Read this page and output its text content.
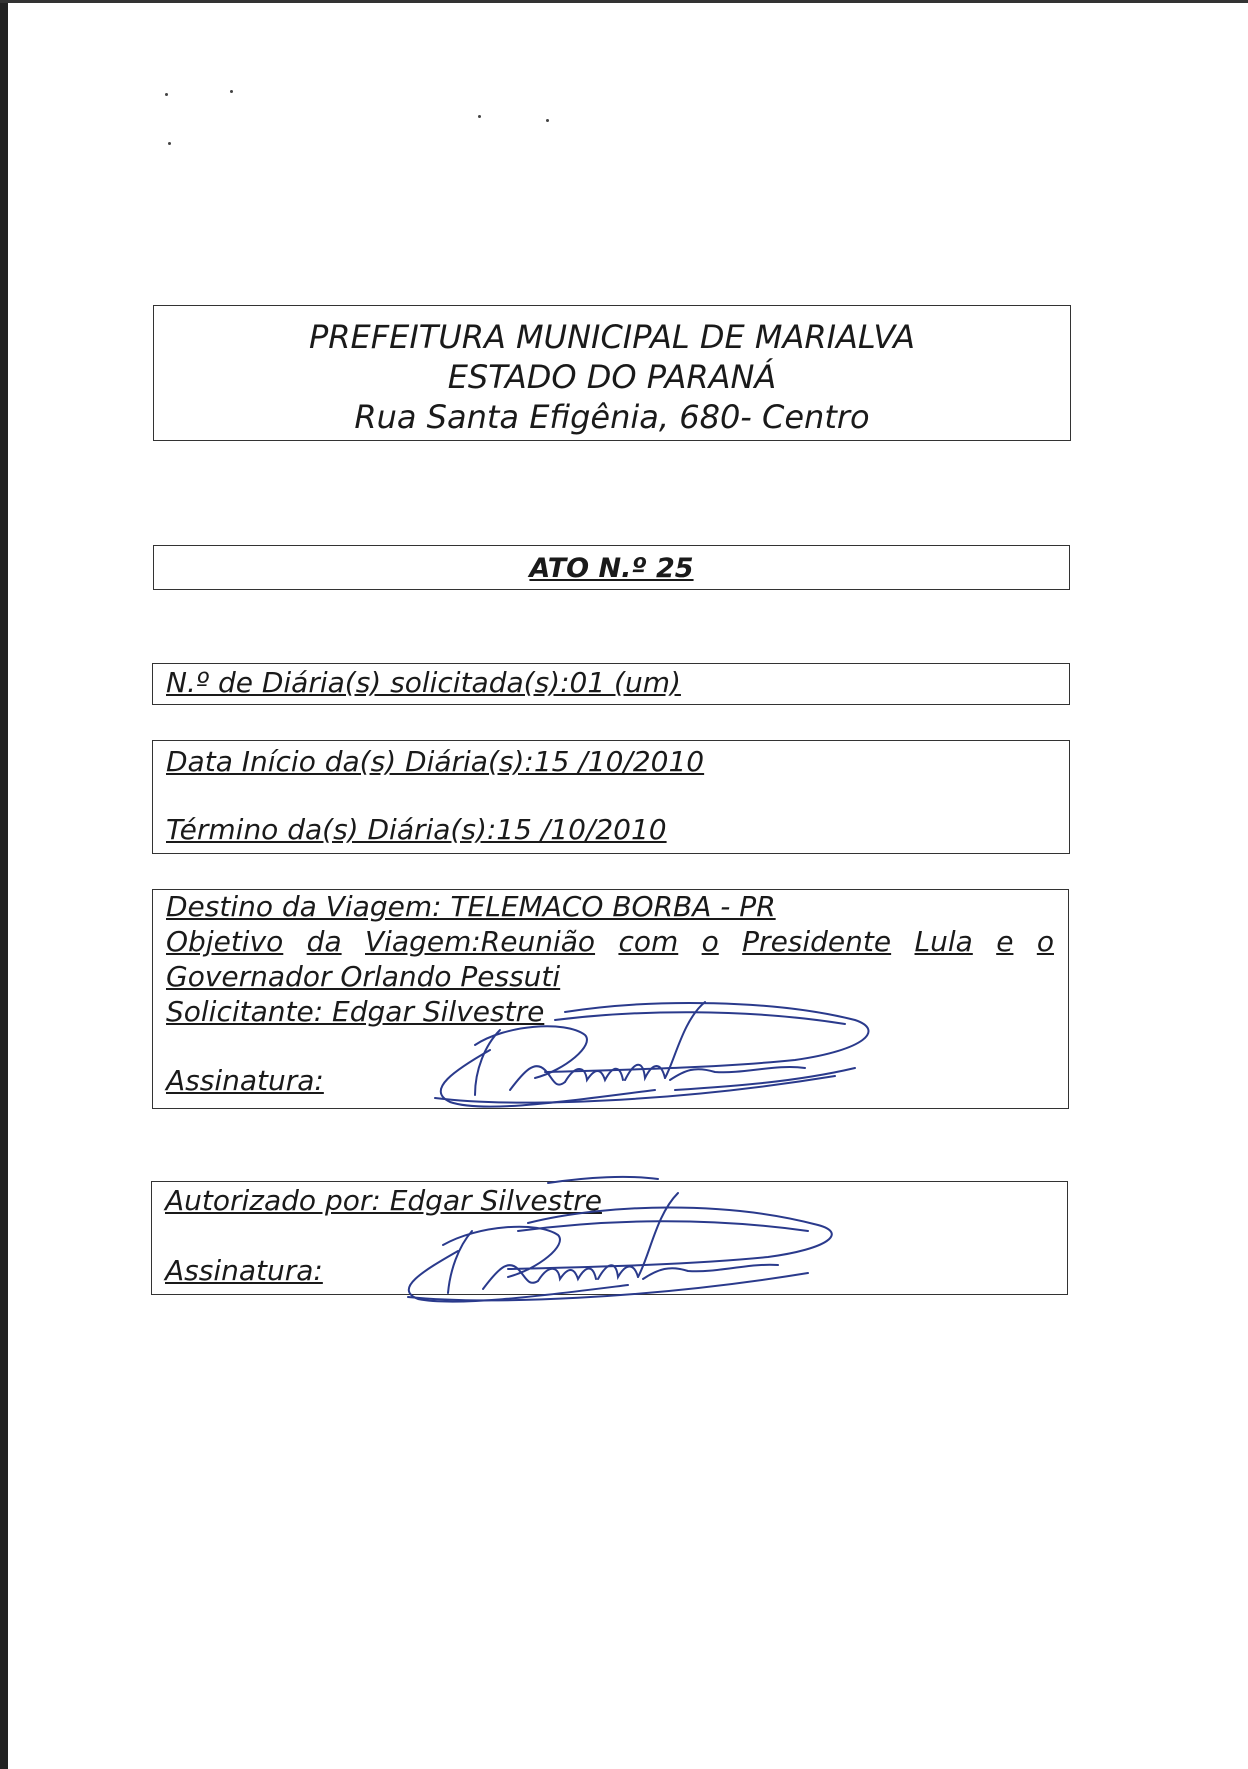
PREFEITURA MUNICIPAL DE MARIALVA
ESTADO DO PARANÁ
Rua Santa Efigênia, 680- Centro
ATO N.º 25
N.º de Diária(s) solicitada(s):01 (um)
Data Início da(s) Diária(s):15 /10/2010
Término da(s) Diária(s):15 /10/2010
Destino da Viagem: TELEMACO BORBA - PR
Objetivo da Viagem:Reunião com o Presidente Lula e o
Governador Orlando Pessuti
Solicitante: Edgar Silvestre
Assinatura:
Autorizado por: Edgar Silvestre
Assinatura:
